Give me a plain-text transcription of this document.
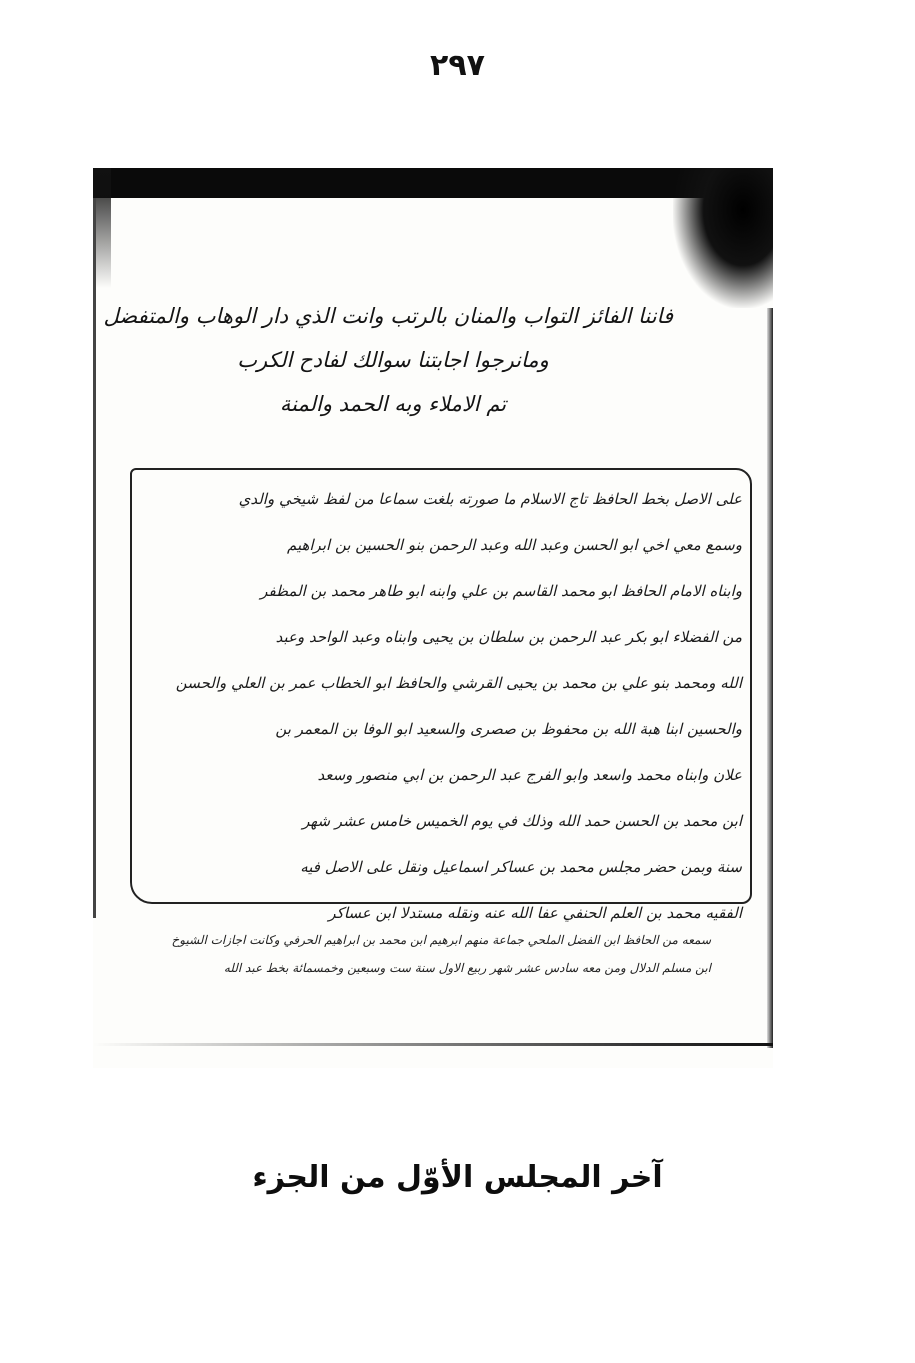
٢٩٧
فاننا الفائز التواب والمنان بالرتب وانت الذي دار الوهاب والمتفضل
ومانرجوا اجابتنا سوالك لفادح الكرب
تم الاملاء وبه الحمد والمنة
على الاصل بخط الحافظ تاج الاسلام ما صورته بلغت سماعا من لفظ شيخي والدي
وسمع معي اخي ابو الحسن وعبد الله وعبد الرحمن بنو الحسين بن ابراهيم
وابناه الامام الحافظ ابو محمد القاسم بن علي وابنه ابو طاهر محمد بن المظفر
من الفضلاء ابو بكر عبد الرحمن بن سلطان بن يحيى وابناه وعبد الواحد وعبد
الله ومحمد بنو علي بن محمد بن يحيى القرشي والحافظ ابو الخطاب عمر بن العلي والحسن
والحسين ابنا هبة الله بن محفوظ بن صصرى والسعيد ابو الوفا بن المعمر بن
علان وابناه محمد واسعد وابو الفرج عبد الرحمن بن ابي منصور وسعد
ابن محمد بن الحسن حمد الله وذلك في يوم الخميس خامس عشر شهر
سنة وبمن حضر مجلس محمد بن عساكر اسماعيل ونقل على الاصل فيه
الفقيه محمد بن العلم الحنفي عفا الله عنه ونقله مستدلا ابن عساكر
سمعه من الحافظ ابن الفضل الملحي جماعة منهم ابرهيم ابن محمد بن ابراهيم الحرفي وكانت اجازات الشيوخ
ابن مسلم الدلال ومن معه سادس عشر شهر ربيع الاول سنة ست وسبعين وخمسمائة بخط عبد الله
آخر المجلس الأوّل من الجزء
